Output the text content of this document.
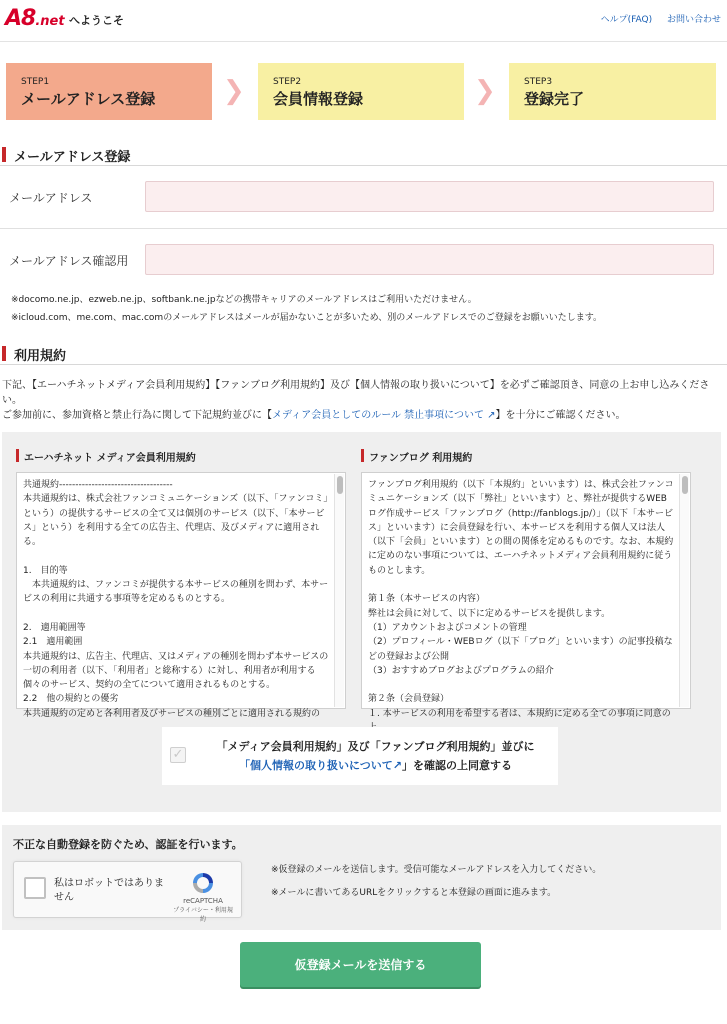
A8.net へようこそ	ヘルプ(FAQ) お問い合わせ
STEP1
メールアドレス登録	❯	STEP2
会員情報登録	❯	STEP3
登録完了
メールアドレス登録
メールアドレス
メールアドレス確認用
※docomo.ne.jp、ezweb.ne.jp、softbank.ne.jpなどの携帯キャリアのメールアドレスはご利用いただけません。
※icloud.com、me.com、mac.comのメールアドレスはメールが届かないことが多いため、別のメールアドレスでのご登録をお願いいたします。
利用規約
下記、【エーハチネットメディア会員利用規約】【ファンブログ利用規約】及び【個人情報の取り扱いについて】を必ずご確認頂き、同意の上お申し込みください。
ご参加前に、参加資格と禁止行為に関して下記規約並びに【メディア会員としてのルール 禁止事項について ↗】を十分にご確認ください。
エーハチネット メディア会員利用規約

共通規約-----------------------------------
本共通規約は、株式会社ファンコミュニケーションズ（以下、「ファンコミ」という）の提供するサービスの全て又は個別のサービス（以下、「本サービス」という）を利用する全ての広告主、代理店、及びメディアに適用される。

1.　目的等
　本共通規約は、ファンコミが提供する本サービスの種別を問わず、本サービスの利用に共通する事項等を定めるものとする。

2.　適用範囲等
2.1　適用範囲
本共通規約は、広告主、代理店、又はメディアの種別を問わず本サービスの一切の利用者（以下、「利用者」と総称する）に対し、利用者が利用する個々のサービス、契約の全てについて適用されるものとする。
2.2　他の規約との優劣
本共通規約の定めと各利用者及びサービスの種別ごとに適用される規約の

ファンブログ 利用規約

ファンブログ利用規約（以下「本規約」といいます）は、株式会社ファンコミュニケーションズ（以下「弊社」といいます）と、弊社が提供するWEBログ作成サービス「ファンブログ（http://fanblogs.jp/）」（以下「本サービス」といいます）に会員登録を行い、本サービスを利用する個人又は法人（以下「会員」といいます）との間の関係を定めるものです。なお、本規約に定めのない事項については、エーハチネットメディア会員利用規約に従うものとします。

第１条（本サービスの内容）
弊社は会員に対して、以下に定めるサービスを提供します。
（1）アカウントおよびコメントの管理
（2）プロフィール・WEBログ（以下「ブログ」といいます）の記事投稿などの登録および公開
（3）おすすめブログおよびプログラムの紹介

第２条（会員登録）
１. 本サービスの利用を希望する者は、本規約に定める全ての事項に同意の

✓
「メディア会員利用規約」及び「ファンブログ利用規約」並びに
「個人情報の取り扱いについて↗」を確認の上同意する
不正な自動登録を防ぐため、認証を行います。
私はロボットではありません	reCAPTCHA
プライバシー・利用規約
※仮登録のメールを送信します。受信可能なメールアドレスを入力してください。
※メールに書いてあるURLをクリックすると本登録の画面に進みます。
仮登録メールを送信する
